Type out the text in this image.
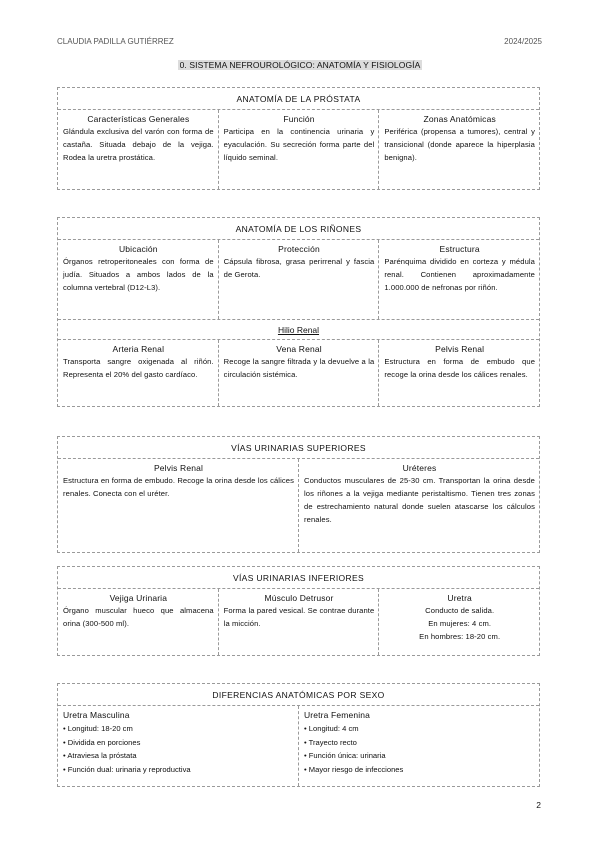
CLAUDIA PADILLA GUTIÉRREZ	2024/2025
0. SISTEMA NEFROUROLÓGICO: ANATOMÍA Y FISIOLOGÍA
ANATOMÍA DE LA PRÓSTATA
Características Generales
Glándula exclusiva del varón con forma de castaña. Situada debajo de la vejiga. Rodea la uretra prostática.
Función
Participa en la continencia urinaria y eyaculación. Su secreción forma parte del líquido seminal.
Zonas Anatómicas
Periférica (propensa a tumores), central y transicional (donde aparece la hiperplasia benigna).
ANATOMÍA DE LOS RIÑONES
Ubicación
Órganos retroperitoneales con forma de judía. Situados a ambos lados de la columna vertebral (D12-L3).
Protección
Cápsula fibrosa, grasa perirrenal y fascia de Gerota.
Estructura
Parénquima dividido en corteza y médula renal. Contienen aproximadamente 1.000.000 de nefronas por riñón.
Hilio Renal
Arteria Renal
Transporta sangre oxigenada al riñón. Representa el 20% del gasto cardíaco.
Vena Renal
Recoge la sangre filtrada y la devuelve a la circulación sistémica.
Pelvis Renal
Estructura en forma de embudo que recoge la orina desde los cálices renales.
VÍAS URINARIAS SUPERIORES
Pelvis Renal
Estructura en forma de embudo. Recoge la orina desde los cálices renales. Conecta con el uréter.
Uréteres
Conductos musculares de 25-30 cm. Transportan la orina desde los riñones a la vejiga mediante peristaltismo. Tienen tres zonas de estrechamiento natural donde suelen atascarse los cálculos renales.
VÍAS URINARIAS INFERIORES
Vejiga Urinaria
Órgano muscular hueco que almacena orina (300-500 ml).
Músculo Detrusor
Forma la pared vesical. Se contrae durante la micción.
Uretra
Conducto de salida.
En mujeres: 4 cm.
En hombres: 18-20 cm.
DIFERENCIAS ANATÓMICAS POR SEXO
Uretra Masculina
• Longitud: 18-20 cm
• Dividida en porciones
• Atraviesa la próstata
• Función dual: urinaria y reproductiva
Uretra Femenina
• Longitud: 4 cm
• Trayecto recto
• Función única: urinaria
• Mayor riesgo de infecciones
2
